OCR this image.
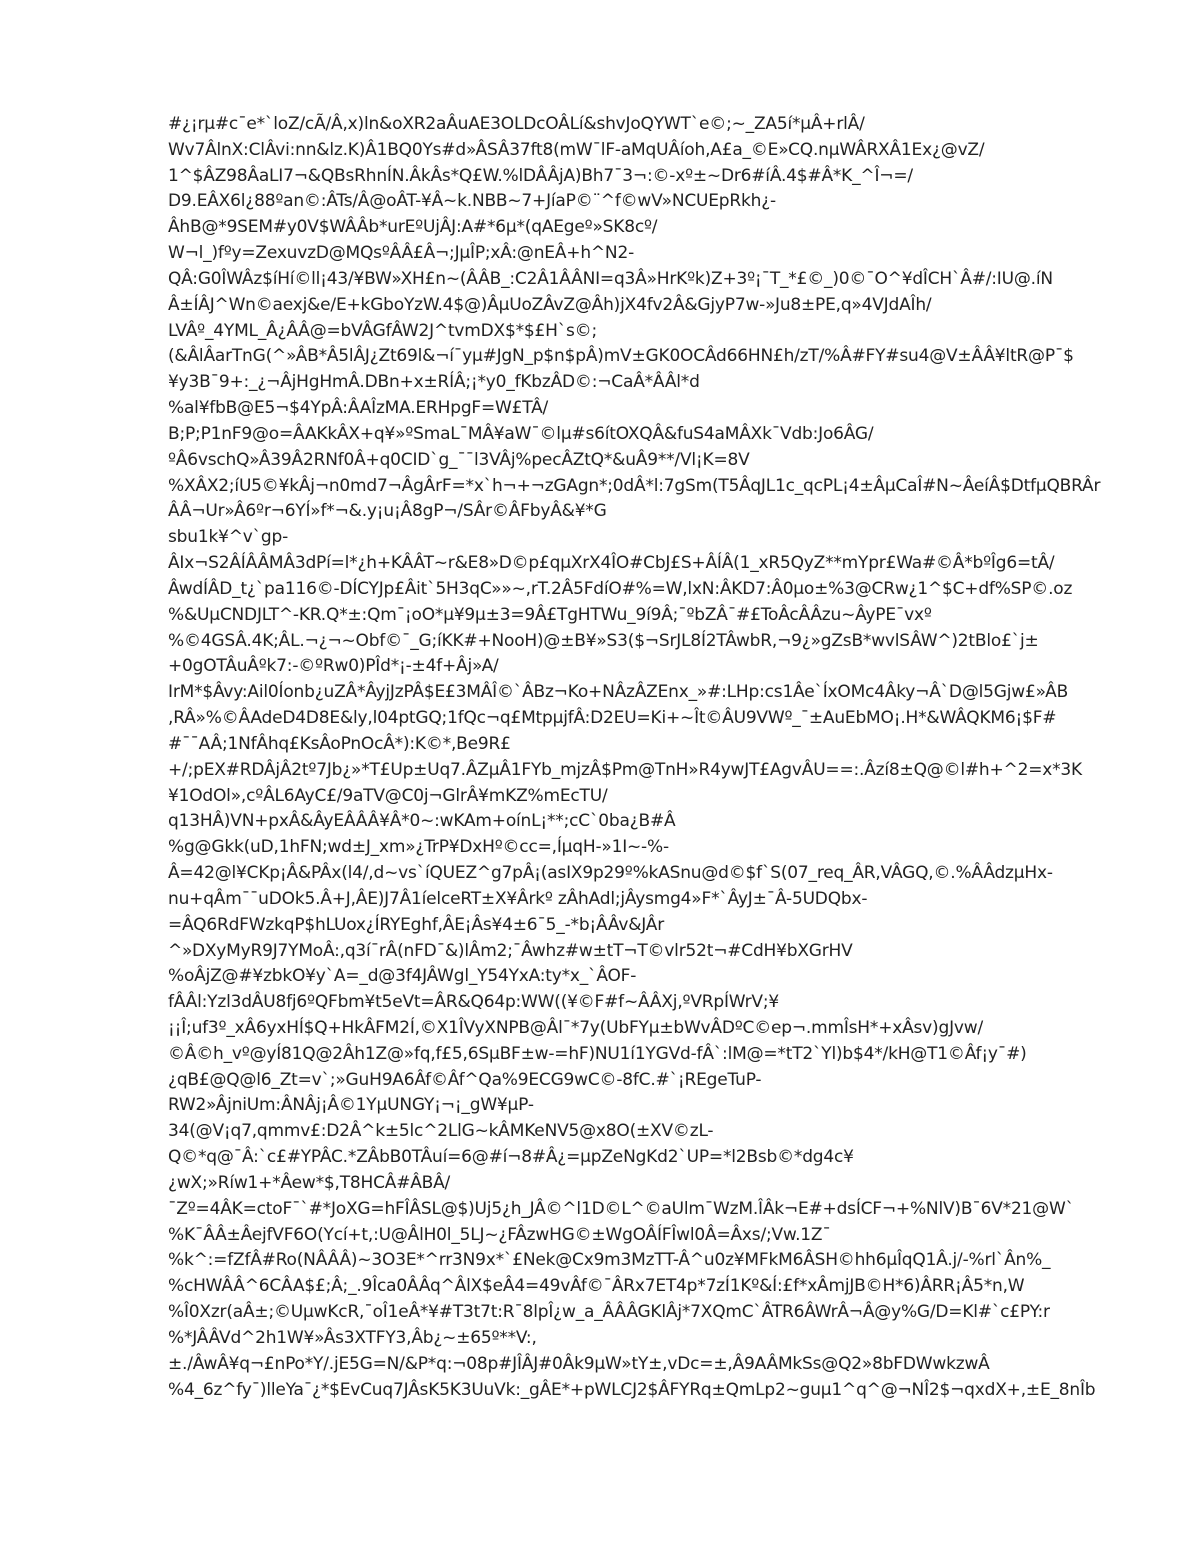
#¿¡rµ#c¯e*`loZ/cÃ/Â,x)ln&oXR2aÂuAE3OLDcOÂLí&shvJoQYWT`e©;~_ZA5í*µÂ+rlÂ/
Wv7ÂlnX:ClÂvi:nn&lz.K)Â1BQ0Ys#d»ÂSÂ37ft8(mW¯lF-aMqUÂíoh,A£a_©E»CQ.nµWÂRXÂ1Ex¿@vZ/
1^$ÂZ98ÂaLI7¬&QBsRhnÍN.ÂkÂs*Q£W.%lDÂÂjA)Bh7¯3¬:©-xº±~Dr6#íÂ.4$#Â*K_^Î¬=/
D9.EÂX6l¿88ºan©:ÂTs/Â@oÂT-¥Â~k.NBB~7+JíaP©¨^f©wV»NCUEpRkh¿-
ÂhB@*9SEM#y0V$WÂÂb*urEºUjÂJ:A#*6µ*(qAEgeº»SK8cº/
W¬l_)fºy=ZexuvzD@MQsºÂÂ£Â¬;JµÎP;xÂ:@nEÂ+h^N2-
QÂ:G0ÎWÂz$íHí©ll¡43/¥BW»XH£n~(ÂÂB_:C2Â1ÂÂNI=q3Â»HrKºk)Z+3º¡¯T_*£©_)0©¯O^¥dÎCH`Â#/:IU@.íN
Â±ÍÂJ^Wn©aexj&e/E+kGboYzW.4$@)ÂµUoZÂvZ@Âh)jX4fv2Â&GjyP7w-»Ju8±PE,q»4VJdAÎh/
LVÂº_4YML_Â¿ÂÂ@=bVÂGfÂW2J^tvmDX$*$£H`s©;
(&ÂlÂarTnG(^»ÂB*Â5lÂJ¿Zt69l&¬í¯yµ#JgN_p$n$pÂ)mV±GK0OCÂd66HN£h/zT/%Â#FY#su4@V±ÂÂ¥ltR@P¯$
¥y3B¯9+:_¿¬ÂjHgHmÂ.DBn+x±RÍÂ;¡*y0_fKbzÂD©:¬CaÂ*ÂÂl*d
%al¥fbB@E5¬$4YpÂ:ÂAÎzMA.ERHpgF=W£TÂ/
B;P;P1nF9@o=ÂAKkÂX+q¥»ºSmaL¯MÂ¥aW¯©lµ#s6ítOXQÂ&fuS4aMÂXk¯Vdb:Jo6ÂG/
ºÂ6vschQ»Â39Â2RNf0Â+q0CID`g_¯¯l3VÂj%pecÂZtQ*&uÂ9**/Vl¡K=8V
%XÂX2;íU5©¥kÂj¬n0md7¬ÂgÂrF=*x`h¬+¬zGAgn*;0dÂ*l:7gSm(T5ÂqJL1c_qcPL¡4±ÂµCaÎ#N~ÂeíÂ$DtfµQBRÂr
ÂÂ¬Ur»Â6ºr¬6YÍ»f*¬&.y¡u¡Â8gP¬/SÂr©ÂFbyÂ&¥*G
sbu1k¥^v`gp-
ÂIx¬S2ÂÍÂÂMÂ3dPí=l*¿h+KÂÂT~r&E8»D©p£qµXrX4ÎO#CbJ£S+ÂÍÂ(1_xR5QyZ**mYpr£Wa#©Â*bºÎg6=tÂ/
ÂwdÍÂD_t¿`pa116©-DÍCYJp£Âit`5H3qC»»~,rT.2Â5FdíO#%=W,lxN:ÂKD7:Â0µo±%3@CRw¿1^$C+df%SP©.oz
%&UµCNDJLT^-KR.Q*±:Qm¯¡oO*µ¥9µ±3=9Â£TgHTWu_9í9Â;¯ºbZÂ¯#£ToÂcÂÂzu~ÂyPE¯vxº
%©4GSÂ.4K;ÂL.¬¿¬~Obf©¯_G;íKK#+NooH)@±B¥»S3($¬SrJL8Í2TÂwbR,¬9¿»gZsB*wvlSÂW^)2tBlo£`j±
+0gOTÂuÂºk7:-©ºRw0)PÎd*¡-±4f+Âj»A/
IrM*$Âvy:Ail0Íonb¿uZÂ*ÂyjJzPÂ$E£3MÂÎ©`ÂBz¬Ko+NÂzÂZEnx_»#:LHp:cs1Âe`ÍxOMc4Âky¬Â`D@l5Gjw£»ÂB
,RÂ»%©ÂAdeD4D8E&ly,l04ptGQ;1fQc¬q£MtpµjfÂ:D2EU=Ki+~Ît©ÂU9VWº_¯±AuEbMO¡.H*&WÂQKM6¡$F#
#¯¯AÂ;1NfÂhq£KsÂoPnOcÂ*):K©*,Be9R£
+/;pEX#RDÂjÂ2tº7Jb¿»*T£Up±Uq7.ÂZµÂ1FYb_mjzÂ$Pm@TnH»R4ywJT£AgvÂU==:.Âzí8±Q@©l#h+^2=x*3K
¥1OdOl»,cºÂL6AyC£/9aTV@C0j¬GlrÂ¥mKZ%mEcTU/
q13HÂ)VN+pxÂ&ÂyEÂÂÂ¥Â*0~:wKAm+oínL¡**;cC`0ba¿B#Â
%g@Gkk(uD,1hFN;wd±J_xm»¿TrP¥DxHº©cc=,ÍµqH-»1I~-%-
Â=42@l¥CKp¡Â&PÂx(l4/,d~vs`íQUEZ^g7pÂ¡(asIX9p29º%kASnu@d©$f`S(07_req_ÂR,VÂGQ,©.%ÂÂdzµHx-
nu+qÂm¯¯uDOk5.Â+J,ÂE)J7Â1íelceRT±X¥Ârkº zÂhAdl;jÂysmg4»F*`ÂyJ±¯Â-5UDQbx-
=ÂQ6RdFWzkqP$hLUox¿ÍRYEghf,ÂE¡Âs¥4±6¯5_-*b¡ÂÂv&JÂr
^»DXyMyR9J7YMoÂ:,q3í¯rÂ(nFD¯&)lÂm2;¯Âwhz#w±tT¬T©vlr52t¬#CdH¥bXGrHV
%oÂjZ@#¥zbkO¥y`A=_d@3f4JÂWgl_Y54YxA:ty*x_`ÂOF-
fÂÂl:Yzl3dÂU8fj6ºQFbm¥t5eVt=ÂR&Q64p:WW((¥©F#f~ÂÂXj,ºVRpÍWrV;¥
¡¡Î;uf3º_xÂ6yxHÍ$Q+HkÂFM2Í,©X1ÎVyXNPB@Âl¯*7y(UbFYµ±bWvÂDºC©ep¬.mmÎsH*+xÂsv)gJvw/
©Â©h_vº@yÍ81Q@2Âh1Z@»fq,f£5,6SµBF±w-=hF)NU1í1YGVd-fÂ`:lM@=*tT2`Yl)b$4*/kH@T1©Âf¡y¯#)
¿qB£@Q@l6_Zt=v`;»GuH9A6Âf©Âf^Qa%9ECG9wC©-8fC.#`¡REgeTuP-
RW2»ÂjniUm:ÂNÂj¡Â©1YµUNGY¡¬¡_gW¥µP-
34(@V¡q7,qmmv£:D2Â^k±5lc^2LlG~kÂMKeNV5@x8O(±XV©zL-
Q©*q@¯Â:`c£#YPÂC.*ZÂbB0TÂuí=6@#í¬8#Â¿=µpZeNgKd2`UP=*l2Bsb©*dg4c¥
¿wX;»Ríw1+*Âew*$,T8HCÂ#ÂBÂ/
¯Zº=4ÂK=ctoF¯`#*JoXG=hFÎÂSL@$)Uj5¿h_JÂ©^l1D©L^©aUlm¯WzM.ÎÂk¬E#+dsÍCF¬+%NlV)B¯6V*21@W`
%K¯ÂÂ±ÂejfVF6O(Ycí+t,:U@ÂlH0l_5LJ~¿FÂzwHG©±WgOÂÍFÎwl0Â=Âxs/;Vw.1Z¯
%k^:=fZfÂ#Ro(NÂÂÂ)~3O3E*^rr3N9x*`£Nek@Cx9m3MzTT-Â^u0z¥MFkM6ÂSH©hh6µÎqQ1Â.j/-%rl`Ân%_
%cHWÂÂ^6CÂA$£;Â;_.9Îca0ÂÂq^ÂlX$eÂ4=49vÂf©¯ÂRx7ET4p*7zÍ1Kº&Í:£f*xÂmjJB©H*6)ÂRR¡Â5*n,W
%Î0Xzr(aÂ±;©UµwKcR,¯oÎ1eÂ*¥#T3t7t:R¯8lpÎ¿w_a_ÂÂÂGKlÂj*7XQmC`ÂTR6ÂWrÂ¬Â@y%G/D=Kl#`c£PY:r
%*JÂÂVd^2h1W¥»Âs3XTFY3,Âb¿~±65º**V:,
±./ÂwÂ¥q¬£nPo*Y/.jE5G=N/&P*q:¬08p#JÎÂJ#0Âk9µW»tY±,vDc=±,Â9AÂMkSs@Q2»8bFDWwkzwÂ
%4_6z^fy¯)lleYa¯¿*$EvCuq7JÂsK5K3UuVk:_gÂE*+pWLCJ2$ÂFYRq±QmLp2~guµ1^q^@¬NÎ2$¬qxdX+,±E_8nÎb
